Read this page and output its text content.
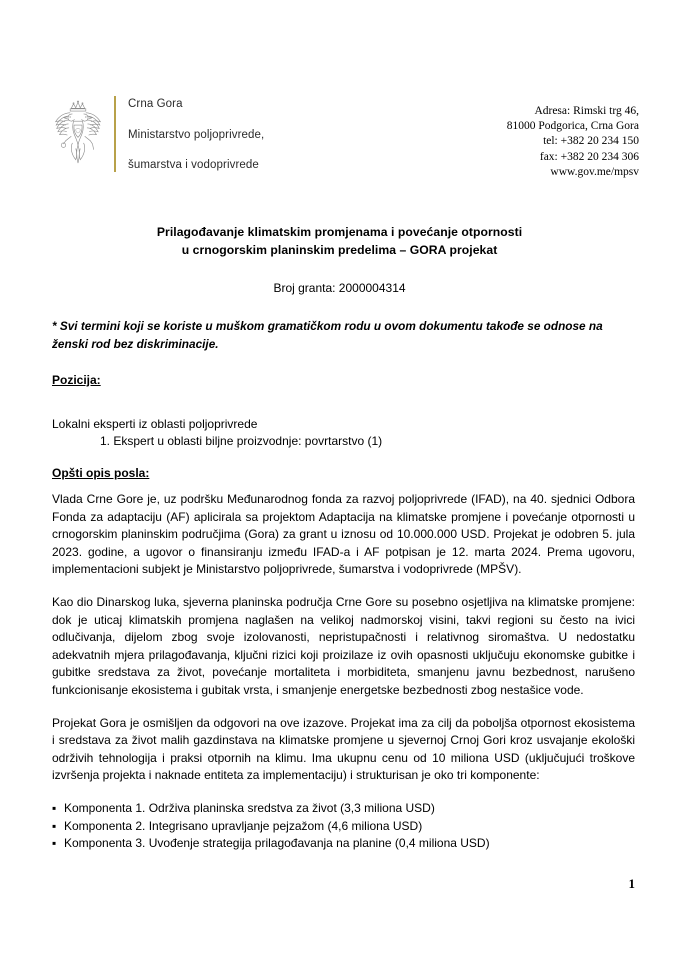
Crna Gora
Ministarstvo poljoprivrede,
šumarstva i vodoprivrede
Adresa: Rimski trg 46,
81000 Podgorica, Crna Gora
tel: +382 20 234 150
fax: +382 20 234 306
www.gov.me/mpsv
Prilagođavanje klimatskim promjenama i povećanje otpornosti
u crnogorskim planinskim predelima – GORA projekat
Broj granta: 2000004314

* Svi termini koji se koriste u muškom gramatičkom rodu u ovom dokumentu takođe se odnose na ženski rod bez diskriminacije.

Pozicija:
Lokalni eksperti iz oblasti poljoprivrede
1. Ekspert u oblasti biljne proizvodnje: povrtarstvo (1)
Opšti opis posla:

Vlada Crne Gore je, uz podršku Međunarodnog fonda za razvoj poljoprivrede (IFAD), na 40. sjednici Odbora Fonda za adaptaciju (AF) aplicirala sa projektom Adaptacija na klimatske promjene i povećanje otpornosti u crnogorskim planinskim područjima (Gora) za grant u iznosu od 10.000.000 USD. Projekat je odobren 5. jula 2023. godine, a ugovor o finansiranju između IFAD-a i AF potpisan je 12. marta 2024. Prema ugovoru, implementacioni subjekt je Ministarstvo poljoprivrede, šumarstva i vodoprivrede (MPŠV).

Kao dio Dinarskog luka, sjeverna planinska područja Crne Gore su posebno osjetljiva na klimatske promjene: dok je uticaj klimatskih promjena naglašen na velikoj nadmorskoj visini, takvi regioni su često na ivici odlučivanja, dijelom zbog svoje izolovanosti, nepristupačnosti i relativnog siromaštva. U nedostatku adekvatnih mjera prilagođavanja, ključni rizici koji proizilaze iz ovih opasnosti uključuju ekonomske gubitke i gubitke sredstava za život, povećanje mortaliteta i morbiditeta, smanjenu javnu bezbednost, narušeno funkcionisanje ekosistema i gubitak vrsta, i smanjenje energetske bezbednosti zbog nestašice vode.

Projekat Gora je osmišljen da odgovori na ove izazove. Projekat ima za cilj da poboljša otpornost ekosistema i sredstava za život malih gazdinstava na klimatske promjene u sjevernoj Crnoj Gori kroz usvajanje ekološki održivih tehnologija i praksi otpornih na klimu. Ima ukupnu cenu od 10 miliona USD (uključujući troškove izvršenja projekta i naknade entiteta za implementaciju) i strukturisan je oko tri komponente:

▪ Komponenta 1. Održiva planinska sredstva za život (3,3 miliona USD)
▪ Komponenta 2. Integrisano upravljanje pejzažom (4,6 miliona USD)
▪ Komponenta 3. Uvođenje strategija prilagođavanja na planine (0,4 miliona USD)
1
